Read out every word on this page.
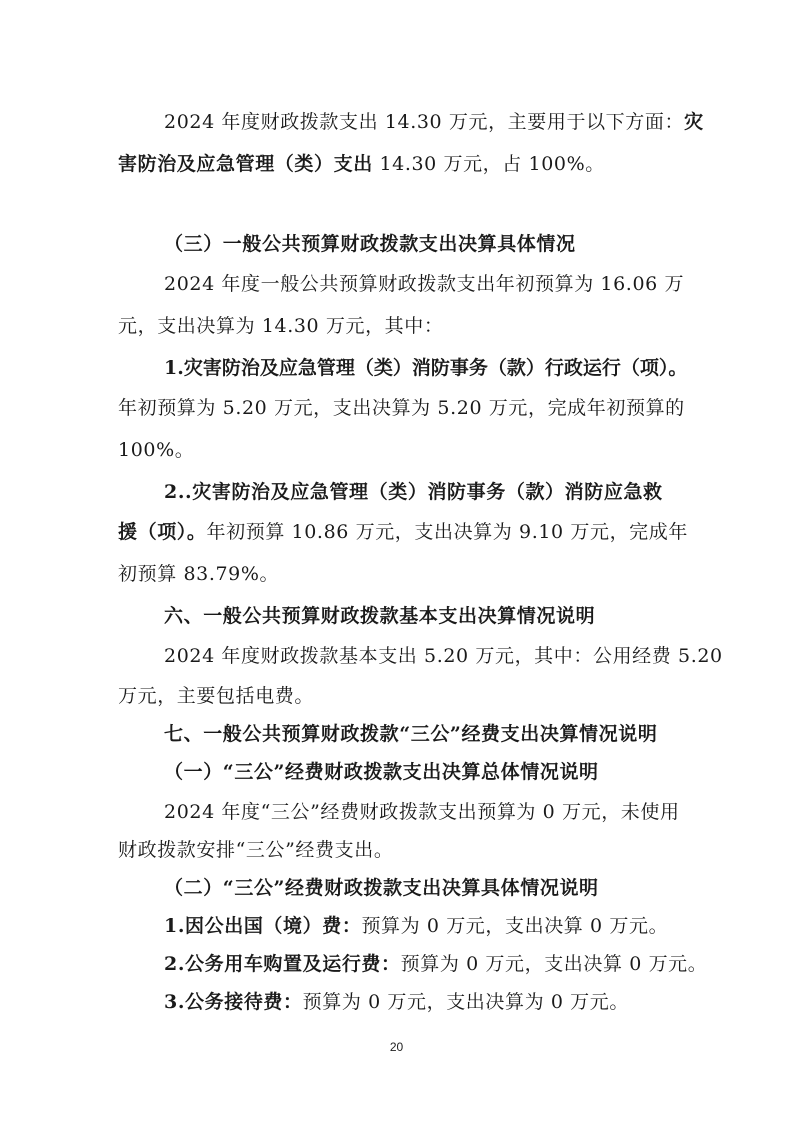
2024 年度财政拨款支出 14.30 万元，主要用于以下方面：灾
害防治及应急管理（类）支出 14.30 万元，占 100%。
（三）一般公共预算财政拨款支出决算具体情况
2024 年度一般公共预算财政拨款支出年初预算为 16.06 万
元，支出决算为 14.30 万元，其中：
1.灾害防治及应急管理（类）消防事务（款）行政运行（项）。
年初预算为 5.20 万元，支出决算为 5.20 万元，完成年初预算的
100%。
2..灾害防治及应急管理（类）消防事务（款）消防应急救
援（项）。年初预算 10.86 万元，支出决算为 9.10 万元，完成年
初预算 83.79%。
六、一般公共预算财政拨款基本支出决算情况说明
2024 年度财政拨款基本支出 5.20 万元，其中：公用经费 5.20
万元，主要包括电费。
七、一般公共预算财政拨款“三公”经费支出决算情况说明
（一）“三公”经费财政拨款支出决算总体情况说明
2024 年度“三公”经费财政拨款支出预算为 0 万元，未使用
财政拨款安排“三公”经费支出。
（二）“三公”经费财政拨款支出决算具体情况说明
1.因公出国（境）费：预算为 0 万元，支出决算 0 万元。
2.公务用车购置及运行费：预算为 0 万元，支出决算 0 万元。
3.公务接待费：预算为 0 万元，支出决算为 0 万元。
20
